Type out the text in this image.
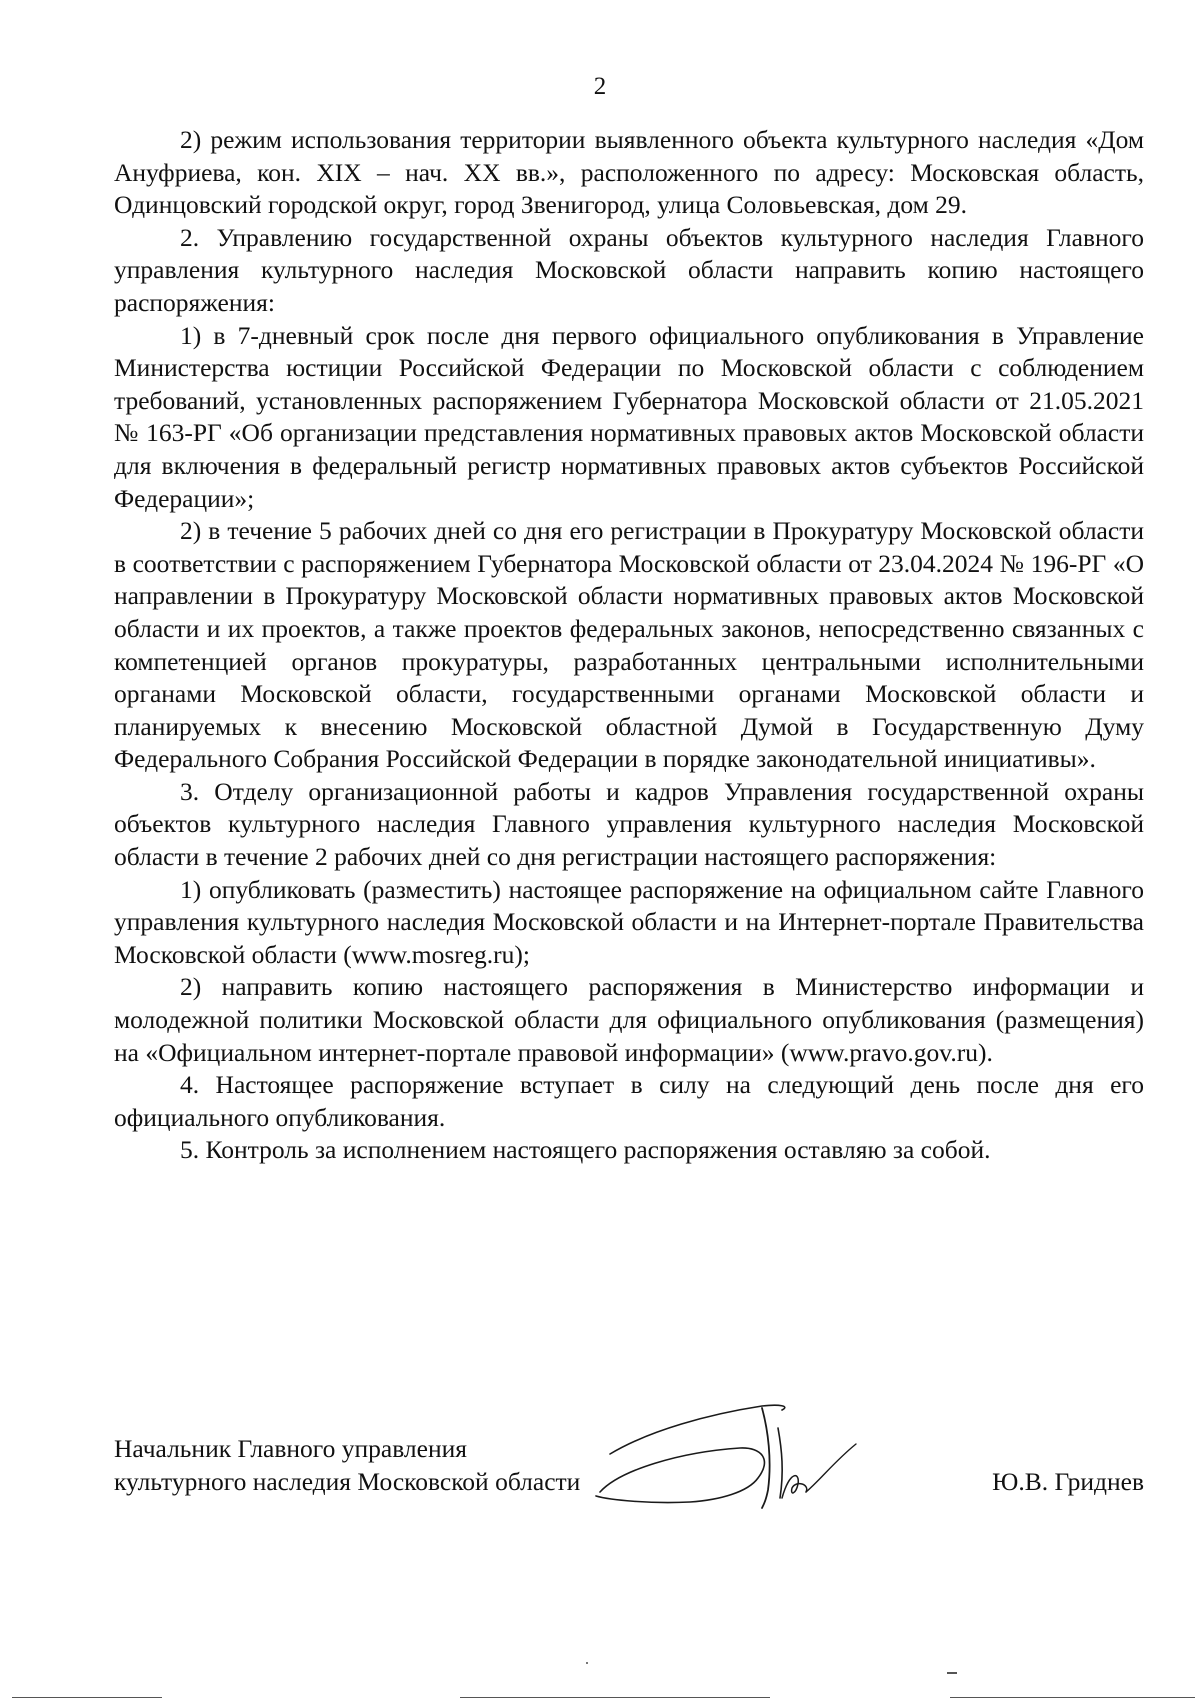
2

2) режим использования территории выявленного объекта культурного наследия «Дом Ануфриева, кон. XIX – нач. XX вв.», расположенного по адресу: Московская область, Одинцовский городской округ, город Звенигород, улица Соловьевская, дом 29.

2. Управлению государственной охраны объектов культурного наследия Главного управления культурного наследия Московской области направить копию настоящего распоряжения:

1) в 7-дневный срок после дня первого официального опубликования в Управление Министерства юстиции Российской Федерации по Московской области с соблюдением требований, установленных распоряжением Губернатора Московской области от 21.05.2021 № 163-РГ «Об организации представления нормативных правовых актов Московской области для включения в федеральный регистр нормативных правовых актов субъектов Российской Федерации»;

2) в течение 5 рабочих дней со дня его регистрации в Прокуратуру Московской области в соответствии с распоряжением Губернатора Московской области от 23.04.2024 № 196-РГ «О направлении в Прокуратуру Московской области нормативных правовых актов Московской области и их проектов, а также проектов федеральных законов, непосредственно связанных с компетенцией органов прокуратуры, разработанных центральными исполнительными органами Московской области, государственными органами Московской области и планируемых к внесению Московской областной Думой в Государственную Думу Федерального Собрания Российской Федерации в порядке законодательной инициативы».

3. Отделу организационной работы и кадров Управления государственной охраны объектов культурного наследия Главного управления культурного наследия Московской области в течение 2 рабочих дней со дня регистрации настоящего распоряжения:

1) опубликовать (разместить) настоящее распоряжение на официальном сайте Главного управления культурного наследия Московской области и на Интернет-портале Правительства Московской области (www.mosreg.ru);

2) направить копию настоящего распоряжения в Министерство информации и молодежной политики Московской области для официального опубликования (размещения) на «Официальном интернет-портале правовой информации» (www.pravo.gov.ru).

4. Настоящее распоряжение вступает в силу на следующий день после дня его официального опубликования.

5. Контроль за исполнением настоящего распоряжения оставляю за собой.

Начальник Главного управления
культурного наследия Московской области	Ю.В. Гриднев
